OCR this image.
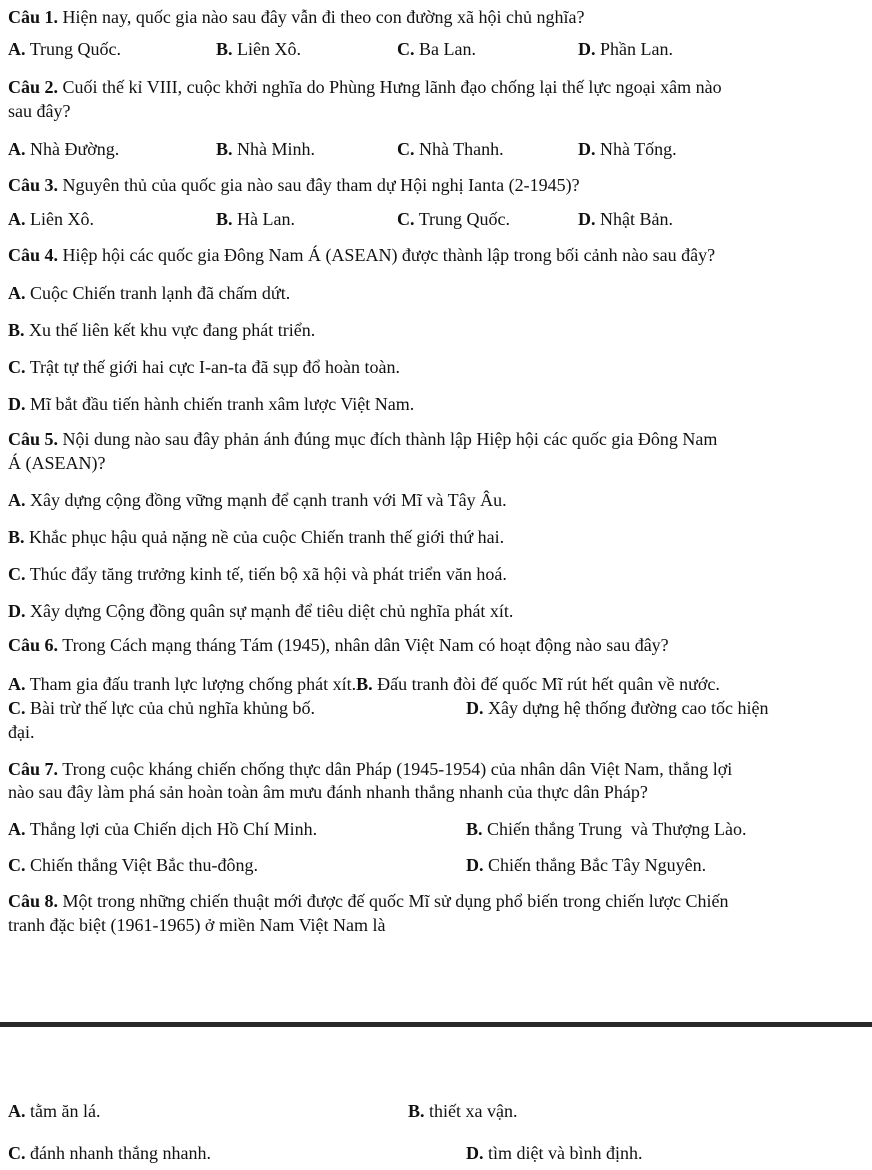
Câu 1. Hiện nay, quốc gia nào sau đây vẫn đi theo con đường xã hội chủ nghĩa?
A. Trung Quốc.	B. Liên Xô.	C. Ba Lan.	D. Phần Lan.
Câu 2. Cuối thế kỉ VIII, cuộc khởi nghĩa do Phùng Hưng lãnh đạo chống lại thế lực ngoại xâm nào
sau đây?
A. Nhà Đường.	B. Nhà Minh.	C. Nhà Thanh.	D. Nhà Tống.
Câu 3. Nguyên thủ của quốc gia nào sau đây tham dự Hội nghị Ianta (2-1945)?
A. Liên Xô.	B. Hà Lan.	C. Trung Quốc.	D. Nhật Bản.
Câu 4. Hiệp hội các quốc gia Đông Nam Á (ASEAN) được thành lập trong bối cảnh nào sau đây?
A. Cuộc Chiến tranh lạnh đã chấm dứt.
B. Xu thế liên kết khu vực đang phát triển.
C. Trật tự thế giới hai cực I-an-ta đã sụp đổ hoàn toàn.
D. Mĩ bắt đầu tiến hành chiến tranh xâm lược Việt Nam.
Câu 5. Nội dung nào sau đây phản ánh đúng mục đích thành lập Hiệp hội các quốc gia Đông Nam
Á (ASEAN)?
A. Xây dựng cộng đồng vững mạnh để cạnh tranh với Mĩ và Tây Âu.
B. Khắc phục hậu quả nặng nề của cuộc Chiến tranh thế giới thứ hai.
C. Thúc đẩy tăng trưởng kinh tế, tiến bộ xã hội và phát triển văn hoá.
D. Xây dựng Cộng đồng quân sự mạnh để tiêu diệt chủ nghĩa phát xít.
Câu 6. Trong Cách mạng tháng Tám (1945), nhân dân Việt Nam có hoạt động nào sau đây?
A. Tham gia đấu tranh lực lượng chống phát xít.B. Đấu tranh đòi đế quốc Mĩ rút hết quân về nước.
C. Bài trừ thế lực của chủ nghĩa khủng bố.	D. Xây dựng hệ thống đường cao tốc hiện
đại.
Câu 7. Trong cuộc kháng chiến chống thực dân Pháp (1945-1954) của nhân dân Việt Nam, thắng lợi
nào sau đây làm phá sản hoàn toàn âm mưu đánh nhanh thắng nhanh của thực dân Pháp?
A. Thắng lợi của Chiến dịch Hồ Chí Minh.	B. Chiến thắng Trung  và Thượng Lào.
C. Chiến thắng Việt Bắc thu-đông.	D. Chiến thắng Bắc Tây Nguyên.
Câu 8. Một trong những chiến thuật mới được đế quốc Mĩ sử dụng phổ biến trong chiến lược Chiến
tranh đặc biệt (1961-1965) ở miền Nam Việt Nam là
A. tằm ăn lá.	B. thiết xa vận.
C. đánh nhanh thắng nhanh.	D. tìm diệt và bình định.
